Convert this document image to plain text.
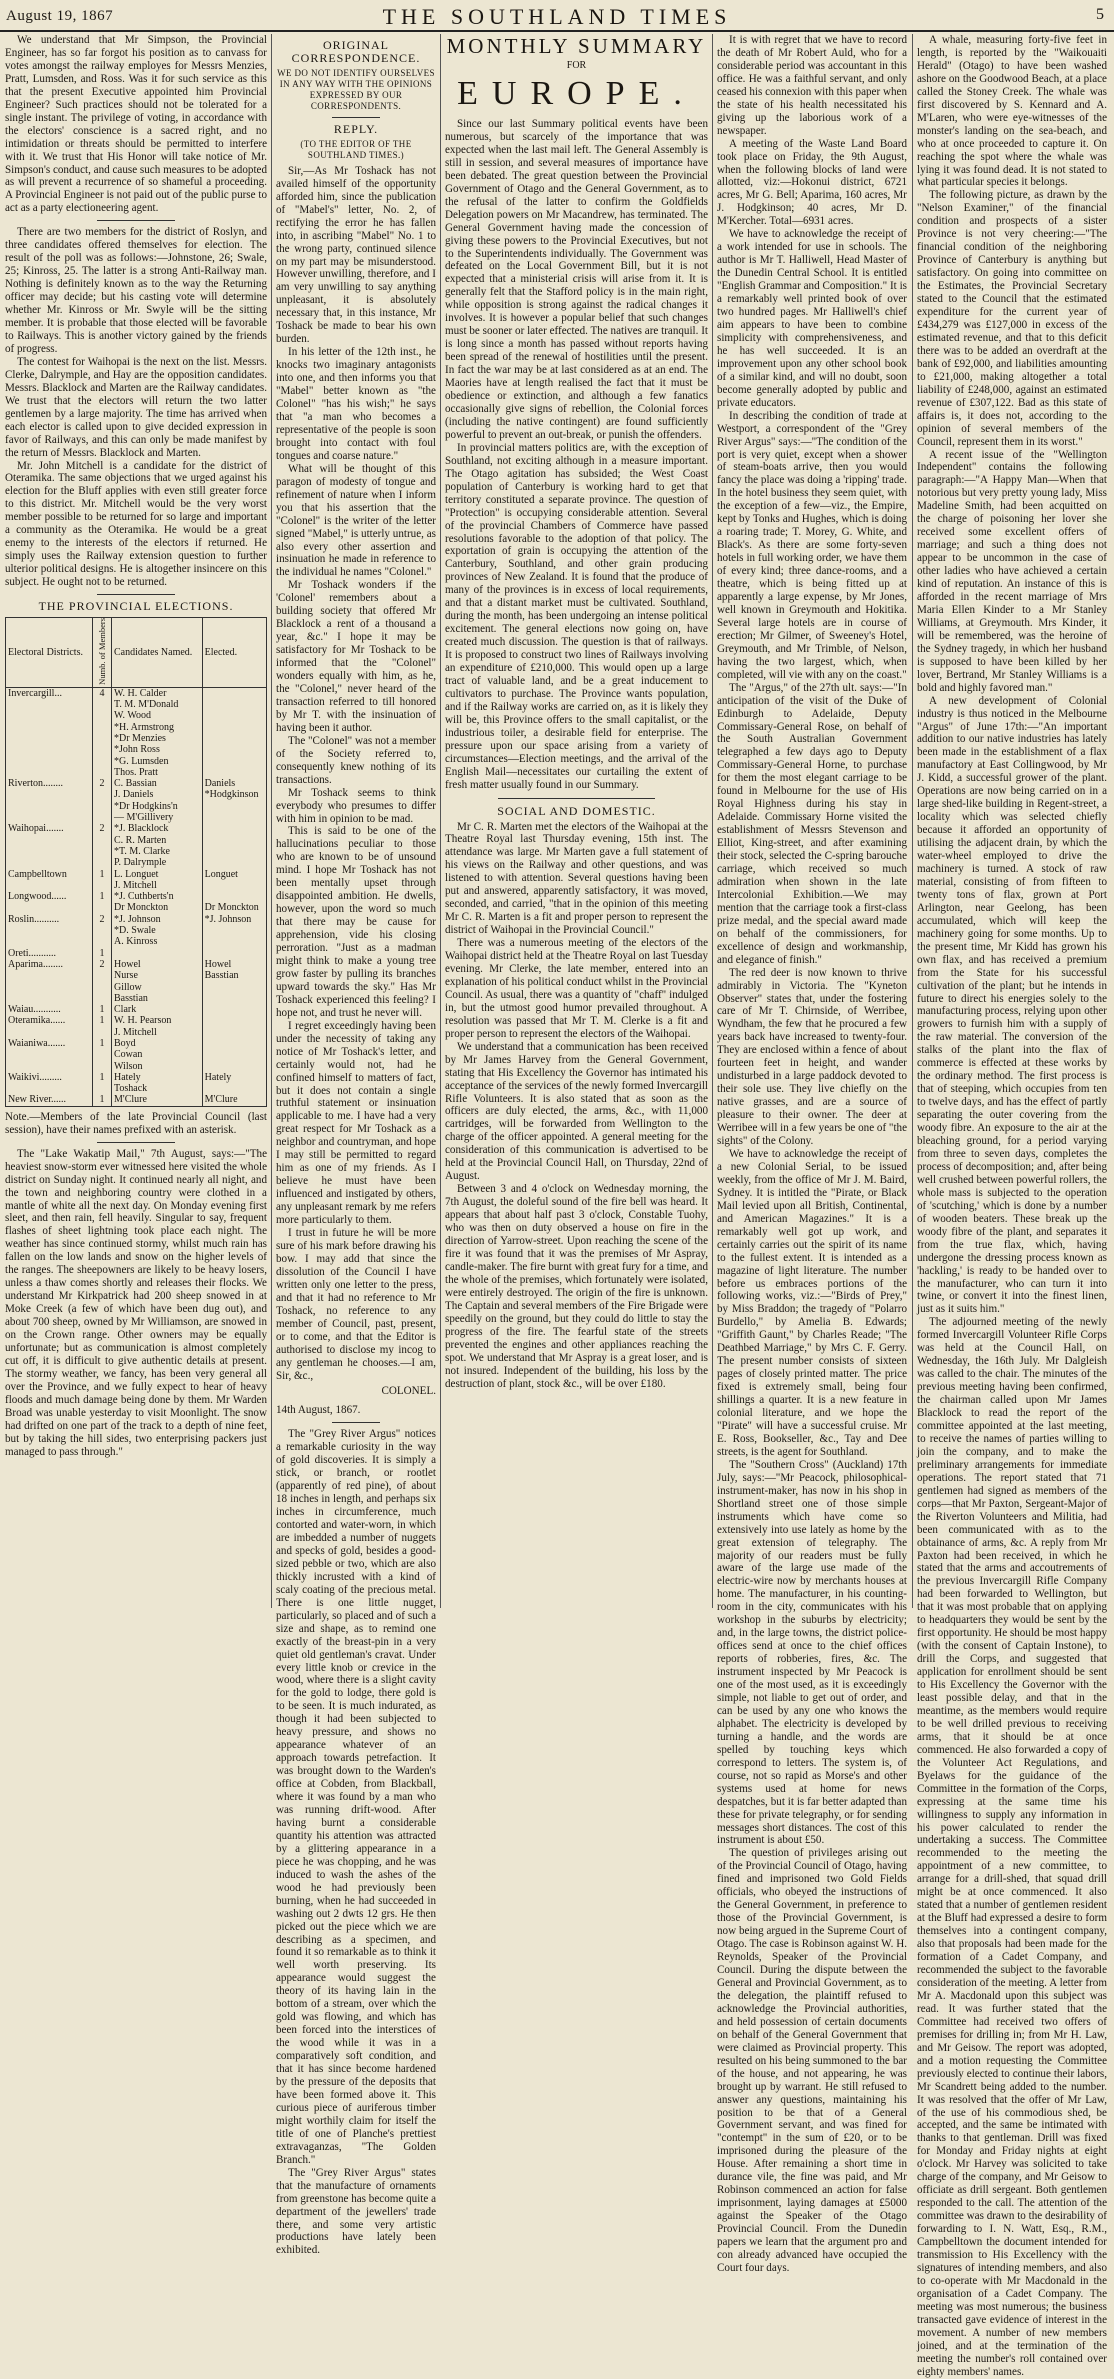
August 19, 1867	THE SOUTHLAND TIMES	5

We understand that Mr Simpson, the Provincial Engineer, has so far forgot his position as to canvass for votes amongst the railway employes for Messrs Menzies, Pratt, Lumsden, and Ross. Was it for such service as this that the present Executive appointed him Provincial Engineer? Such practices should not be tolerated for a single instant. The privilege of voting, in accordance with the electors' conscience is a sacred right, and no intimidation or threats should be permitted to interfere with it. We trust that His Honor will take notice of Mr. Simpson's conduct, and cause such measures to be adopted as will prevent a recurrence of so shameful a proceeding. A Provincial Engineer is not paid out of the public purse to act as a party electioneering agent.

There are two members for the district of Roslyn, and three candidates offered themselves for election. The result of the poll was as follows:—Johnstone, 26; Swale, 25; Kinross, 25. The latter is a strong Anti-Railway man. Nothing is definitely known as to the way the Returning officer may decide; but his casting vote will determine whether Mr. Kinross or Mr. Swyle will be the sitting member. It is probable that those elected will be favorable to Railways. This is another victory gained by the friends of progress.

The contest for Waihopai is the next on the list. Messrs. Clerke, Dalrymple, and Hay are the opposition candidates. Messrs. Blacklock and Marten are the Railway candidates. We trust that the electors will return the two latter gentlemen by a large majority. The time has arrived when each elector is called upon to give decided expression in favor of Railways, and this can only be made manifest by the return of Messrs. Blacklock and Marten.

Mr. John Mitchell is a candidate for the district of Oteramika. The same objections that we urged against his election for the Bluff applies with even still greater force to this district. Mr. Mitchell would be the very worst member possible to be returned for so large and important a community as the Oteramika. He would be a great enemy to the interests of the electors if returned. He simply uses the Railway extension question to further ulterior political designs. He is altogether insincere on this subject. He ought not to be returned.

THE PROVINCIAL ELECTIONS.
Electoral Districts.	Numb. of Members	Candidates Named.	Elected.
Invercargill...	4	W. H. Calder	
		T. M. M'Donald	
		W. Wood	
		*H. Armstrong	
		*Dr Menzies	
		*John Ross	
		*G. Lumsden	
		Thos. Pratt	
Riverton........	2	C. Bassian	Daniels
		J. Daniels	*Hodgkinson
		*Dr Hodgkins'n	
		— M'Gillivery	
Waihopai.......	2	*J. Blacklock	
		C. R. Marten	
		*T. M. Clarke	
		P. Dalrymple	
Campbelltown	1	L. Longuet	Longuet
		J. Mitchell	
Longwood......	1	*J. Cuthberts'n	
		Dr Monckton	Dr Monckton
Roslin..........	2	*J. Johnson	*J. Johnson
		*D. Swale	
		A. Kinross	
Oreti...........	1		
Aparima........	2	Howel	Howel
		Nurse	Basstian
		Gillow	
		Basstian	
Waiau...........	1	Clark	
Oteramika......	1	W. H. Pearson	
		J. Mitchell	
Waianiwa.......	1	Boyd	
		Cowan	
		Wilson	
Waikivi.........	1	Hately	Hately
		Toshack	
New River......	1	M'Clure	M'Clure

Note.—Members of the late Provincial Council (last session), have their names prefixed with an asterisk.

The "Lake Wakatip Mail," 7th August, says:—"The heaviest snow-storm ever witnessed here visited the whole district on Sunday night. It continued nearly all night, and the town and neighboring country were clothed in a mantle of white all the next day. On Monday evening first sleet, and then rain, fell heavily. Singular to say, frequent flashes of sheet lightning took place each night. The weather has since continued stormy, whilst much rain has fallen on the low lands and snow on the higher levels of the ranges. The sheepowners are likely to be heavy losers, unless a thaw comes shortly and releases their flocks. We understand Mr Kirkpatrick had 200 sheep snowed in at Moke Creek (a few of which have been dug out), and about 700 sheep, owned by Mr Williamson, are snowed in on the Crown range. Other owners may be equally unfortunate; but as communication is almost completely cut off, it is difficult to give authentic details at present. The stormy weather, we fancy, has been very general all over the Province, and we fully expect to hear of heavy floods and much damage being done by them. Mr Warden Broad was unable yesterday to visit Moonlight. The snow had drifted on one part of the track to a depth of nine feet, but by taking the hill sides, two enterprising packers just managed to pass through."

ORIGINAL CORRESPONDENCE.
WE DO NOT IDENTIFY OURSELVES IN ANY WAY WITH THE OPINIONS EXPRESSED BY OUR CORRESPONDENTS.
REPLY.
(TO THE EDITOR OF THE SOUTHLAND TIMES.)

Sir,—As Mr Toshack has not availed himself of the opportunity afforded him, since the publication of "Mabel's" letter, No. 2, of rectifying the error he has fallen into, in ascribing "Mabel" No. 1 to the wrong party, continued silence on my part may be misunderstood. However unwilling, therefore, and I am very unwilling to say anything unpleasant, it is absolutely necessary that, in this instance, Mr Toshack be made to bear his own burden.

In his letter of the 12th inst., he knocks two imaginary antagonists into one, and then informs you that "Mabel" better known as "the Colonel" "has his wish;" he says that "a man who becomes a representative of the people is soon brought into contact with foul tongues and coarse nature."

What will be thought of this paragon of modesty of tongue and refinement of nature when I inform you that his assertion that the "Colonel" is the writer of the letter signed "Mabel," is utterly untrue, as also every other assertion and insinuation he made in reference to the individual he names "Colonel."

Mr Toshack wonders if the 'Colonel' remembers about a building society that offered Mr Blacklock a rent of a thousand a year, &c." I hope it may be satisfactory for Mr Toshack to be informed that the "Colonel" wonders equally with him, as he, the "Colonel," never heard of the transaction referred to till honored by Mr T. with the insinuation of having been it author.

The "Colonel" was not a member of the Society referred to, consequently knew nothing of its transactions.

Mr Toshack seems to think everybody who presumes to differ with him in opinion to be mad.

This is said to be one of the hallucinations peculiar to those who are known to be of unsound mind. I hope Mr Toshack has not been mentally upset through disappointed ambition. He dwells, however, upon the word so much that there may be cause for apprehension, vide his closing perroration. "Just as a madman might think to make a young tree grow faster by pulling its branches upward towards the sky." Has Mr Toshack experienced this feeling? I hope not, and trust he never will.

I regret exceedingly having been under the necessity of taking any notice of Mr Toshack's letter, and certainly would not, had he confined himself to matters of fact, but it does not contain a single truthful statement or insinuation applicable to me. I have had a very great respect for Mr Toshack as a neighbor and countryman, and hope I may still be permitted to regard him as one of my friends. As I believe he must have been influenced and instigated by others, any unpleasant remark by me refers more particularly to them.

I trust in future he will be more sure of his mark before drawing his bow. I may add that since the dissolution of the Council I have written only one letter to the press, and that it had no reference to Mr Toshack, no reference to any member of Council, past, present, or to come, and that the Editor is authorised to disclose my incog to any gentleman he chooses.—I am, Sir, &c.,

COLONEL.
14th August, 1867.

The "Grey River Argus" notices a remarkable curiosity in the way of gold discoveries. It is simply a stick, or branch, or rootlet (apparently of red pine), of about 18 inches in length, and perhaps six inches in circumference, much contorted and water-worn, in which are imbedded a number of nuggets and specks of gold, besides a good-sized pebble or two, which are also thickly incrusted with a kind of scaly coating of the precious metal. There is one little nugget, particularly, so placed and of such a size and shape, as to remind one exactly of the breast-pin in a very quiet old gentleman's cravat. Under every little knob or crevice in the wood, where there is a slight cavity for the gold to lodge, there gold is to be seen. It is much indurated, as though it had been subjected to heavy pressure, and shows no appearance whatever of an approach towards petrefaction. It was brought down to the Warden's office at Cobden, from Blackball, where it was found by a man who was running drift-wood. After having burnt a considerable quantity his attention was attracted by a glittering appearance in a piece he was chopping, and he was induced to wash the ashes of the wood he had previously been burning, when he had succeeded in washing out 2 dwts 12 grs. He then picked out the piece which we are describing as a specimen, and found it so remarkable as to think it well worth preserving. Its appearance would suggest the theory of its having lain in the bottom of a stream, over which the gold was flowing, and which has been forced into the interstices of the wood while it was in a comparatively soft condition, and that it has since become hardened by the pressure of the deposits that have been formed above it. This curious piece of auriferous timber might worthily claim for itself the title of one of Planche's prettiest extravaganzas, "The Golden Branch."

The "Grey River Argus" states that the manufacture of ornaments from greenstone has become quite a department of the jewellers' trade there, and some very artistic productions have lately been exhibited.

MONTHLY SUMMARY
FOR
EUROPE.

Since our last Summary political events have been numerous, but scarcely of the importance that was expected when the last mail left. The General Assembly is still in session, and several measures of importance have been debated. The great question between the Provincial Government of Otago and the General Government, as to the refusal of the latter to confirm the Goldfields Delegation powers on Mr Macandrew, has terminated. The General Government having made the concession of giving these powers to the Provincial Executives, but not to the Superintendents individually. The Government was defeated on the Local Government Bill, but it is not expected that a ministerial crisis will arise from it. It is generally felt that the Stafford policy is in the main right, while opposition is strong against the radical changes it involves. It is however a popular belief that such changes must be sooner or later effected. The natives are tranquil. It is long since a month has passed without reports having been spread of the renewal of hostilities until the present. In fact the war may be at last considered as at an end. The Maories have at length realised the fact that it must be obedience or extinction, and although a few fanatics occasionally give signs of rebellion, the Colonial forces (including the native contingent) are found sufficiently powerful to prevent an out-break, or punish the offenders.

In provincial matters politics are, with the exception of Southland, not exciting although in a measure important. The Otago agitation has subsided; the West Coast population of Canterbury is working hard to get that territory constituted a separate province. The question of "Protection" is occupying considerable attention. Several of the provincial Chambers of Commerce have passed resolutions favorable to the adoption of that policy. The exportation of grain is occupying the attention of the Canterbury, Southland, and other grain producing provinces of New Zealand. It is found that the produce of many of the provinces is in excess of local requirements, and that a distant market must be cultivated. Southland, during the month, has been undergoing an intense political excitement. The general elections now going on, have created much discussion. The question is that of railways. It is proposed to construct two lines of Railways involving an expenditure of £210,000. This would open up a large tract of valuable land, and be a great inducement to cultivators to purchase. The Province wants population, and if the Railway works are carried on, as it is likely they will be, this Province offers to the small capitalist, or the industrious toiler, a desirable field for enterprise. The pressure upon our space arising from a variety of circumstances—Election meetings, and the arrival of the English Mail—necessitates our curtailing the extent of fresh matter usually found in our Summary.

SOCIAL AND DOMESTIC.

Mr C. R. Marten met the electors of the Waihopai at the Theatre Royal last Thursday evening, 15th inst. The attendance was large. Mr Marten gave a full statement of his views on the Railway and other questions, and was listened to with attention. Several questions having been put and answered, apparently satisfactory, it was moved, seconded, and carried, "that in the opinion of this meeting Mr C. R. Marten is a fit and proper person to represent the district of Waihopai in the Provincial Council."

There was a numerous meeting of the electors of the Waihopai district held at the Theatre Royal on last Tuesday evening. Mr Clerke, the late member, entered into an explanation of his political conduct whilst in the Provincial Council. As usual, there was a quantity of "chaff" indulged in, but the utmost good humor prevailed throughout. A resolution was passed that Mr T. M. Clerke is a fit and proper person to represent the electors of the Waihopai.

We understand that a communication has been received by Mr James Harvey from the General Government, stating that His Excellency the Governor has intimated his acceptance of the services of the newly formed Invercargill Rifle Volunteers. It is also stated that as soon as the officers are duly elected, the arms, &c., with 11,000 cartridges, will be forwarded from Wellington to the charge of the officer appointed. A general meeting for the consideration of this communication is advertised to be held at the Provincial Council Hall, on Thursday, 22nd of August.

Between 3 and 4 o'clock on Wednesday morning, the 7th August, the doleful sound of the fire bell was heard. It appears that about half past 3 o'clock, Constable Tuohy, who was then on duty observed a house on fire in the direction of Yarrow-street. Upon reaching the scene of the fire it was found that it was the premises of Mr Aspray, candle-maker. The fire burnt with great fury for a time, and the whole of the premises, which fortunately were isolated, were entirely destroyed. The origin of the fire is unknown. The Captain and several members of the Fire Brigade were speedily on the ground, but they could do little to stay the progress of the fire. The fearful state of the streets prevented the engines and other appliances reaching the spot. We understand that Mr Aspray is a great loser, and is not insured. Independent of the building, his loss by the destruction of plant, stock &c., will be over £180.

It is with regret that we have to record the death of Mr Robert Auld, who for a considerable period was accountant in this office. He was a faithful servant, and only ceased his connexion with this paper when the state of his health necessitated his giving up the laborious work of a newspaper.

A meeting of the Waste Land Board took place on Friday, the 9th August, when the following blocks of land were allotted, viz:—Hokonui district, 6721 acres, Mr G. Bell; Aparima, 160 acres, Mr J. Hodgkinson; 40 acres, Mr D. M'Kercher. Total—6931 acres.

We have to acknowledge the receipt of a work intended for use in schools. The author is Mr T. Halliwell, Head Master of the Dunedin Central School. It is entitled "English Grammar and Composition." It is a remarkably well printed book of over two hundred pages. Mr Halliwell's chief aim appears to have been to combine simplicity with comprehensiveness, and he has well succeeded. It is an improvement upon any other school book of a similar kind, and will no doubt, soon become generally adopted by public and private educators.

In describing the condition of trade at Westport, a correspondent of the "Grey River Argus" says:—"The condition of the port is very quiet, except when a shower of steam-boats arrive, then you would fancy the place was doing a 'ripping' trade. In the hotel business they seem quiet, with the exception of a few—viz., the Empire, kept by Tonks and Hughes, which is doing a roaring trade; T. Morey, G. White, and Black's. As there are some forty-seven hotels in full working order, we have them of every kind; three dance-rooms, and a theatre, which is being fitted up at apparently a large expense, by Mr Jones, well known in Greymouth and Hokitika. Several large hotels are in course of erection; Mr Gilmer, of Sweeney's Hotel, Greymouth, and Mr Trimble, of Nelson, having the two largest, which, when completed, will vie with any on the coast."

The "Argus," of the 27th ult. says:—"In anticipation of the visit of the Duke of Edinburgh to Adelaide, Deputy Commissary-General Rose, on behalf of the South Australian Government telegraphed a few days ago to Deputy Commissary-General Horne, to purchase for them the most elegant carriage to be found in Melbourne for the use of His Royal Highness during his stay in Adelaide. Commissary Horne visited the establishment of Messrs Stevenson and Elliot, King-street, and after examining their stock, selected the C-spring barouche carriage, which received so much admiration when shown in the late Intercolonial Exhibition.—We may mention that the carriage took a first-class prize medal, and the special award made on behalf of the commissioners, for excellence of design and workmanship, and elegance of finish."

The red deer is now known to thrive admirably in Victoria. The "Kyneton Observer" states that, under the fostering care of Mr T. Chirnside, of Werribee, Wyndham, the few that he procured a few years back have increased to twenty-four. They are enclosed within a fence of about fourteen feet in height, and wander undisturbed in a large paddock devoted to their sole use. They live chiefly on the native grasses, and are a source of pleasure to their owner. The deer at Werribee will in a few years be one of "the sights" of the Colony.

We have to acknowledge the receipt of a new Colonial Serial, to be issued weekly, from the office of Mr J. M. Baird, Sydney. It is intitled the "Pirate, or Black Mail levied upon all British, Continental, and American Magazines." It is a remarkably well got up work, and certainly carries out the spirit of its name to the fullest extent. It is intended as a magazine of light literature. The number before us embraces portions of the following works, viz.:—"Birds of Prey," by Miss Braddon; the tragedy of "Polarro Burdello," by Amelia B. Edwards; "Griffith Gaunt," by Charles Reade; "The Deathbed Marriage," by Mrs C. F. Gerry. The present number consists of sixteen pages of closely printed matter. The price fixed is extremely small, being four shillings a quarter. It is a new feature in colonial literature, and we hope the "Pirate" will have a successful cruise. Mr E. Ross, Bookseller, &c., Tay and Dee streets, is the agent for Southland.

The "Southern Cross" (Auckland) 17th July, says:—"Mr Peacock, philosophical-instrument-maker, has now in his shop in Shortland street one of those simple instruments which have come so extensively into use lately as home by the great extension of telegraphy. The majority of our readers must be fully aware of the large use made of the electric-wire now by merchants houses at home. The manufacturer, in his counting-room in the city, communicates with his workshop in the suburbs by electricity; and, in the large towns, the district police-offices send at once to the chief offices reports of robberies, fires, &c. The instrument inspected by Mr Peacock is one of the most used, as it is exceedingly simple, not liable to get out of order, and can be used by any one who knows the alphabet. The electricity is developed by turning a handle, and the words are spelled by touching keys which correspond to letters. The system is, of course, not so rapid as Morse's and other systems used at home for news despatches, but it is far better adapted than these for private telegraphy, or for sending messages short distances. The cost of this instrument is about £50.

The question of privileges arising out of the Provincial Council of Otago, having fined and imprisoned two Gold Fields officials, who obeyed the instructions of the General Government, in preference to those of the Provincial Government, is now being argued in the Supreme Court of Otago. The case is Robinson against W. H. Reynolds, Speaker of the Provincial Council. During the dispute between the General and Provincial Government, as to the delegation, the plaintiff refused to acknowledge the Provincial authorities, and held possession of certain documents on behalf of the General Government that were claimed as Provincial property. This resulted on his being summoned to the bar of the house, and not appearing, he was brought up by warrant. He still refused to answer any questions, maintaining his position to be that of a General Government servant, and was fined for "contempt" in the sum of £20, or to be imprisoned during the pleasure of the House. After remaining a short time in durance vile, the fine was paid, and Mr Robinson commenced an action for false imprisonment, laying damages at £5000 against the Speaker of the Otago Provincial Council. From the Dunedin papers we learn that the argument pro and con already advanced have occupied the Court four days.

A whale, measuring forty-five feet in length, is reported by the "Waikouaiti Herald" (Otago) to have been washed ashore on the Goodwood Beach, at a place called the Stoney Creek. The whale was first discovered by S. Kennard and A. M'Laren, who were eye-witnesses of the monster's landing on the sea-beach, and who at once proceeded to capture it. On reaching the spot where the whale was lying it was found dead. It is not stated to what particular species it belongs.

The following picture, as drawn by the "Nelson Examiner," of the financial condition and prospects of a sister Province is not very cheering:—"The financial condition of the neighboring Province of Canterbury is anything but satisfactory. On going into committee on the Estimates, the Provincial Secretary stated to the Council that the estimated expenditure for the current year of £434,279 was £127,000 in excess of the estimated revenue, and that to this deficit there was to be added an overdraft at the bank of £92,000, and liabilities amounting to £21,000, making altogether a total liability of £248,000, against an estimated revenue of £307,122. Bad as this state of affairs is, it does not, according to the opinion of several members of the Council, represent them in its worst."

A recent issue of the "Wellington Independent" contains the following paragraph:—"A Happy Man—When that notorious but very pretty young lady, Miss Madeline Smith, had been acquitted on the charge of poisoning her lover she received some excellent offers of marriage; and such a thing does not appear to be uncommon in the case of other ladies who have achieved a certain kind of reputation. An instance of this is afforded in the recent marriage of Mrs Maria Ellen Kinder to a Mr Stanley Williams, at Greymouth. Mrs Kinder, it will be remembered, was the heroine of the Sydney tragedy, in which her husband is supposed to have been killed by her lover, Bertrand, Mr Stanley Williams is a bold and highly favored man."

A new development of Colonial industry is thus noticed in the Melbourne "Argus" of June 17th:—"An important addition to our native industries has lately been made in the establishment of a flax manufactory at East Collingwood, by Mr J. Kidd, a successful grower of the plant. Operations are now being carried on in a large shed-like building in Regent-street, a locality which was selected chiefly because it afforded an opportunity of utilising the adjacent drain, by which the water-wheel employed to drive the machinery is turned. A stock of raw material, consisting of from fifteen to twenty tons of flax, grown at Port Arlington, near Geelong, has been accumulated, which will keep the machinery going for some months. Up to the present time, Mr Kidd has grown his own flax, and has received a premium from the State for his successful cultivation of the plant; but he intends in future to direct his energies solely to the manufacturing process, relying upon other growers to furnish him with a supply of the raw material. The conversion of the stalks of the plant into the flax of commerce is effected at these works by the ordinary method. The first process is that of steeping, which occupies from ten to twelve days, and has the effect of partly separating the outer covering from the woody fibre. An exposure to the air at the bleaching ground, for a period varying from three to seven days, completes the process of decomposition; and, after being well crushed between powerful rollers, the whole mass is subjected to the operation of 'scutching,' which is done by a number of wooden beaters. These break up the woody fibre of the plant, and separates it from the true flax, which, having undergone the dressing process known as 'hackling,' is ready to be handed over to the manufacturer, who can turn it into twine, or convert it into the finest linen, just as it suits him."

The adjourned meeting of the newly formed Invercargill Volunteer Rifle Corps was held at the Council Hall, on Wednesday, the 16th July. Mr Dalgleish was called to the chair. The minutes of the previous meeting having been confirmed, the chairman called upon Mr James Blacklock to read the report of the committee appointed at the last meeting, to receive the names of parties willing to join the company, and to make the preliminary arrangements for immediate operations. The report stated that 71 gentlemen had signed as members of the corps—that Mr Paxton, Sergeant-Major of the Riverton Volunteers and Militia, had been communicated with as to the obtainance of arms, &c. A reply from Mr Paxton had been received, in which he stated that the arms and accoutrements of the previous Invercargill Rifle Company had been forwarded to Wellington, but that it was most probable that on applying to headquarters they would be sent by the first opportunity. He should be most happy (with the consent of Captain Instone), to drill the Corps, and suggested that application for enrollment should be sent to His Excellency the Governor with the least possible delay, and that in the meantime, as the members would require to be well drilled previous to receiving arms, that it should be at once commenced. He also forwarded a copy of the Volunteer Act Regulations, and Byelaws for the guidance of the Committee in the formation of the Corps, expressing at the same time his willingness to supply any information in his power calculated to render the undertaking a success. The Committee recommended to the meeting the appointment of a new committee, to arrange for a drill-shed, that squad drill might be at once commenced. It also stated that a number of gentlemen resident at the Bluff had expressed a desire to form themselves into a contingent company, also that proposals had been made for the formation of a Cadet Company, and recommended the subject to the favorable consideration of the meeting. A letter from Mr A. Macdonald upon this subject was read. It was further stated that the Committee had received two offers of premises for drilling in; from Mr H. Law, and Mr Geisow. The report was adopted, and a motion requesting the Committee previously elected to continue their labors, Mr Scandrett being added to the number. It was resolved that the offer of Mr Law, of the use of his commodious shed, be accepted, and the same be intimated with thanks to that gentleman. Drill was fixed for Monday and Friday nights at eight o'clock. Mr Harvey was solicited to take charge of the company, and Mr Geisow to officiate as drill sergeant. Both gentlemen responded to the call. The attention of the committee was drawn to the desirability of forwarding to I. N. Watt, Esq., R.M., Campbelltown the document intended for transmission to His Excellency with the signatures of intending members, and also to co-operate with Mr Macdonald in the organisation of a Cadet Company. The meeting was most numerous; the business transacted gave evidence of interest in the movement. A number of new members joined, and at the termination of the meeting the number's roll contained over eighty members' names.
